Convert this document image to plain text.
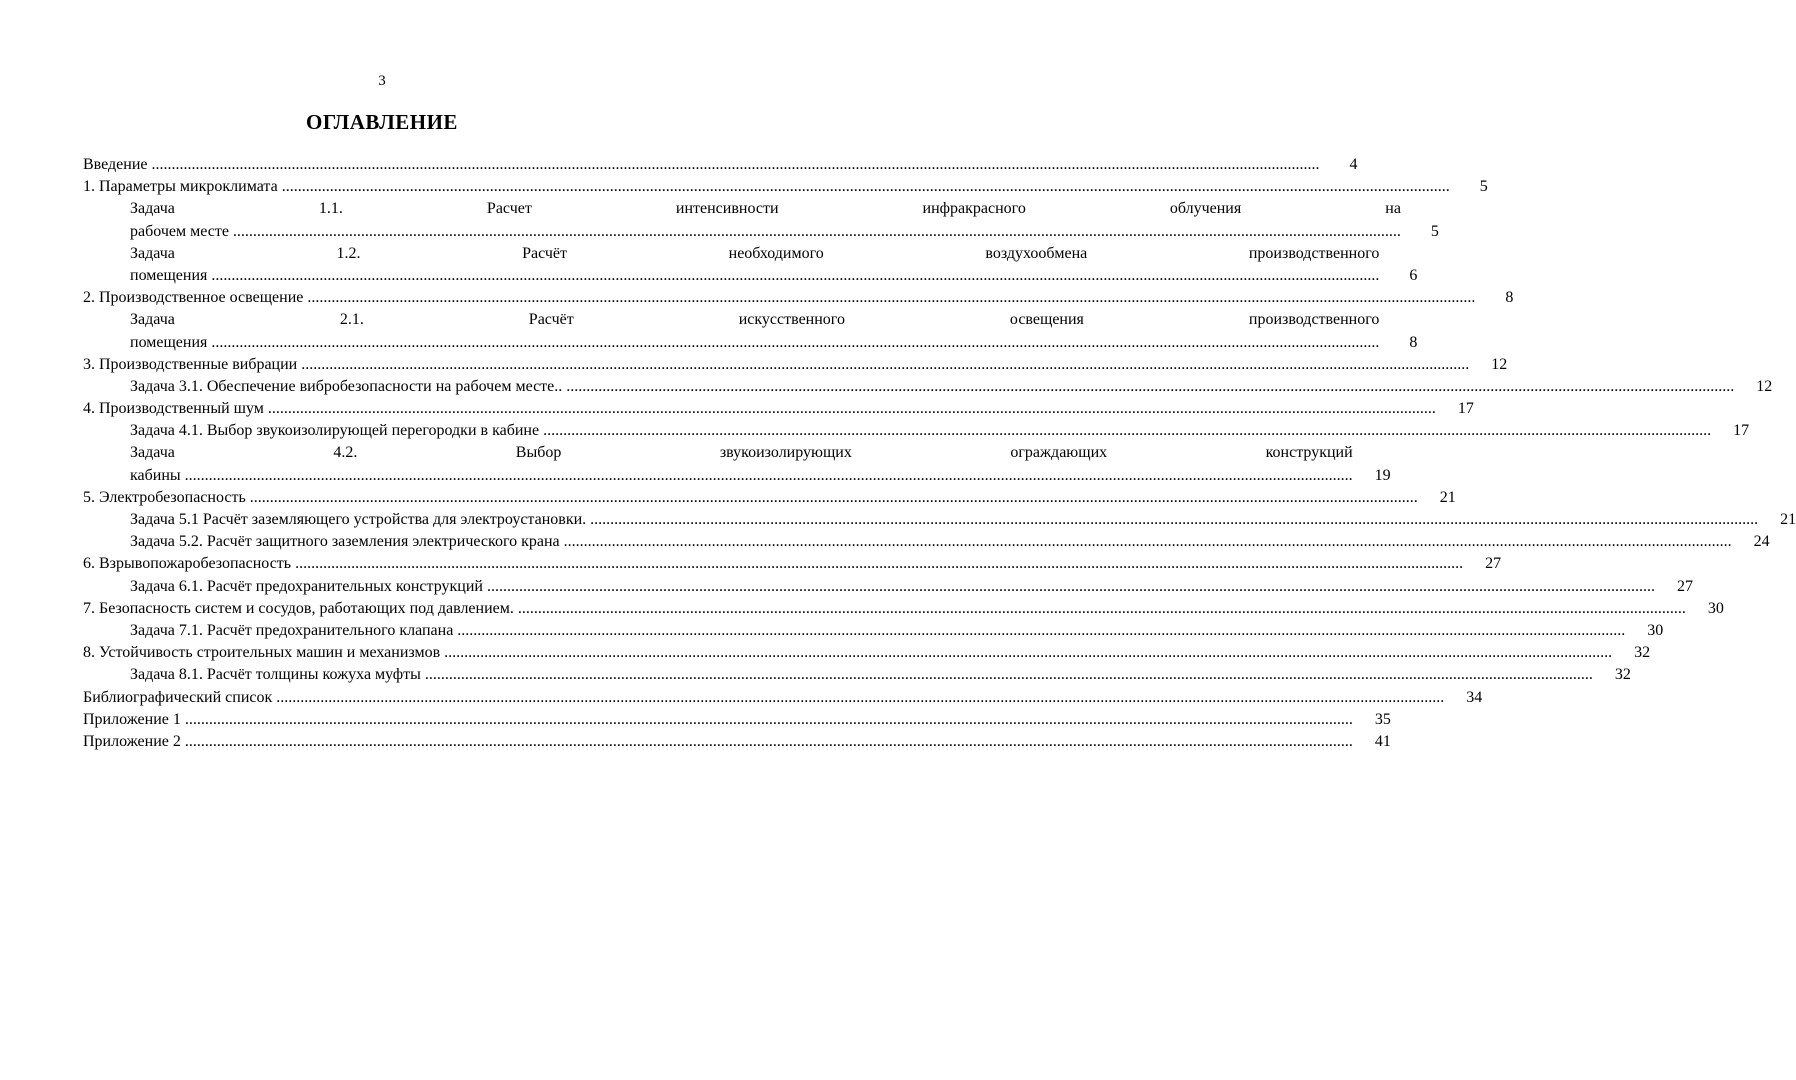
3
ОГЛАВЛЕНИЕ
Введение .....	4
1. Параметры микроклимата .....	5
Задача 1.1. Расчет интенсивности инфракрасного облучения на
рабочем месте .....	5
Задача 1.2. Расчёт необходимого воздухообмена производственного
помещения .....	6
2. Производственное освещение .....	8
Задача 2.1. Расчёт искусственного освещения производственного
помещения .....	8
3. Производственные вибрации .....	12
Задача 3.1. Обеспечение вибробезопасности на рабочем месте.. .....	12
4. Производственный шум .....	17
Задача 4.1. Выбор звукоизолирующей перегородки в кабине .....	17
Задача 4.2. Выбор звукоизолирующих ограждающих конструкций
кабины .....	19
5. Электробезопасность .....	21
Задача 5.1 Расчёт заземляющего устройства для электроустановки. .....	21
Задача 5.2. Расчёт защитного заземления электрического крана .....	24
6. Взрывопожаробезопасность .....	27
Задача 6.1. Расчёт предохранительных конструкций .....	27
7. Безопасность систем и сосудов, работающих под давлением. .....	30
Задача 7.1. Расчёт предохранительного клапана .....	30
8. Устойчивость строительных машин и механизмов .....	32
Задача 8.1. Расчёт толщины кожуха муфты .....	32
Библиографический список .....	34
Приложение 1 .....	35
Приложение 2 .....	41
